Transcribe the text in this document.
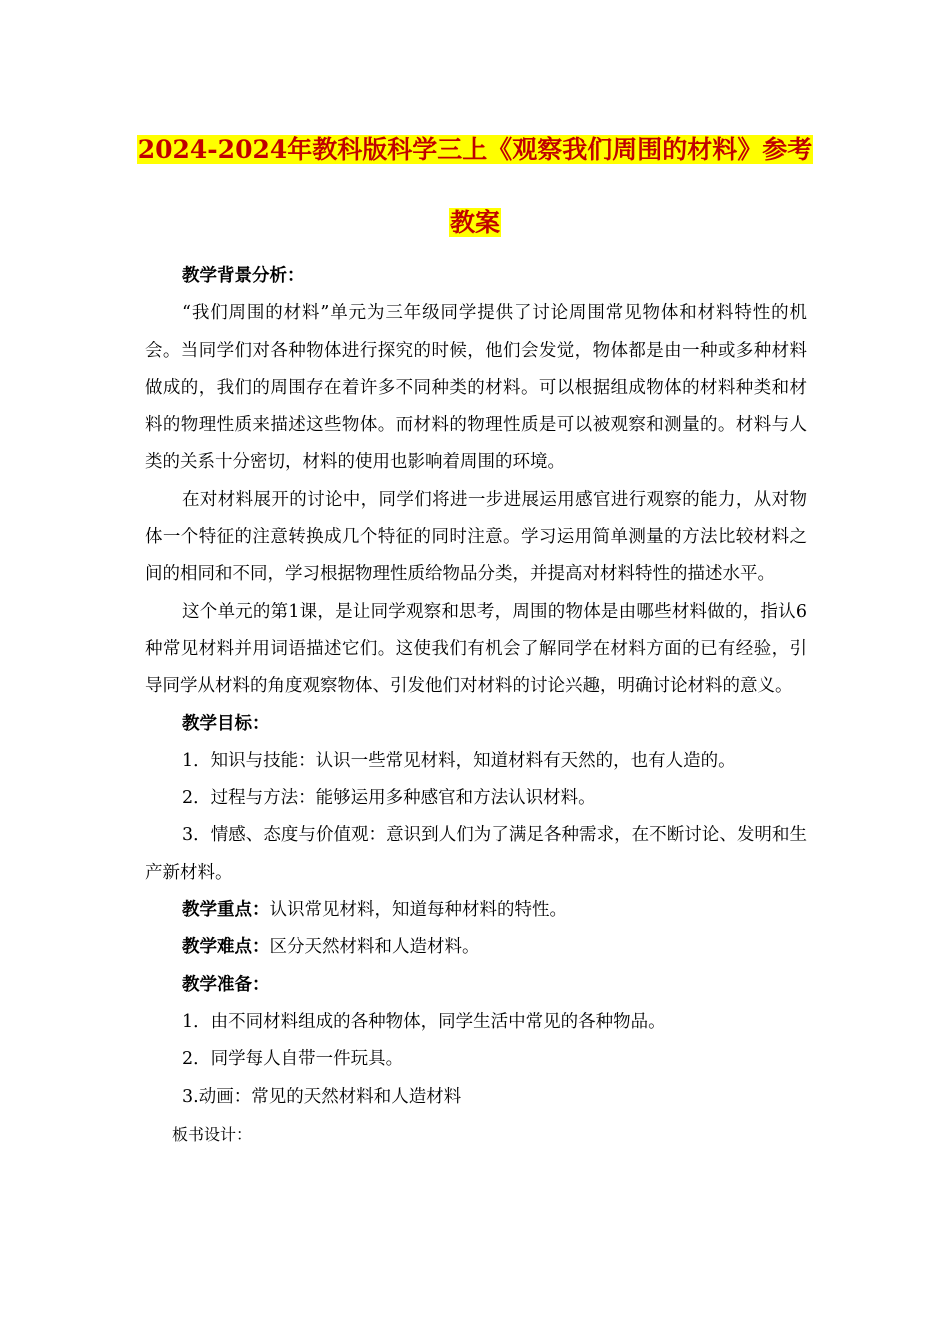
2024-2024年教科版科学三上《观察我们周围的材料》参考
教案

教学背景分析：

“我们周围的材料”单元为三年级同学提供了讨论周围常见物体和材料特性的机会。当同学们对各种物体进行探究的时候，他们会发觉，物体都是由一种或多种材料做成的，我们的周围存在着许多不同种类的材料。可以根据组成物体的材料种类和材料的物理性质来描述这些物体。而材料的物理性质是可以被观察和测量的。材料与人类的关系十分密切，材料的使用也影响着周围的环境。

在对材料展开的讨论中，同学们将进一步进展运用感官进行观察的能力，从对物体一个特征的注意转换成几个特征的同时注意。学习运用简单测量的方法比较材料之间的相同和不同，学习根据物理性质给物品分类，并提高对材料特性的描述水平。

这个单元的第1课，是让同学观察和思考，周围的物体是由哪些材料做的，指认6种常见材料并用词语描述它们。这使我们有机会了解同学在材料方面的已有经验，引导同学从材料的角度观察物体、引发他们对材料的讨论兴趣，明确讨论材料的意义。

教学目标：

1．知识与技能：认识一些常见材料，知道材料有天然的，也有人造的。

2．过程与方法：能够运用多种感官和方法认识材料。

3．情感、态度与价值观：意识到人们为了满足各种需求，在不断讨论、发明和生产新材料。

教学重点：认识常见材料，知道每种材料的特性。

教学难点：区分天然材料和人造材料。

教学准备：

1．由不同材料组成的各种物体，同学生活中常见的各种物品。

2．同学每人自带一件玩具。

3.动画：常见的天然材料和人造材料

板书设计：
